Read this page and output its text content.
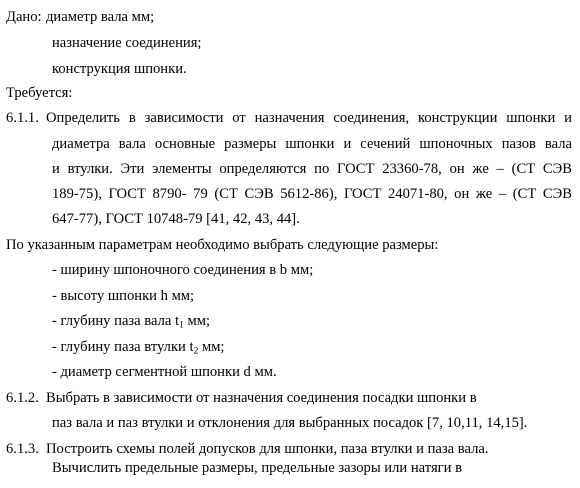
Дано: диаметр вала мм;
назначение соединения;
конструкция шпонки.
Требуется:
6.1.1. Определить в зависимости от назначения соединения, конструкции шпонки и
диаметра вала основные размеры шпонки и сечений шпоночных пазов вала
и втулки. Эти элементы определяются по ГОСТ 23360-78, он же – (СТ СЭВ
189-75), ГОСТ 8790- 79 (СТ СЭВ 5612-86), ГОСТ 24071-80, он же – (СТ СЭВ
647-77), ГОСТ 10748-79 [41, 42, 43, 44].
По указанным параметрам необходимо выбрать следующие размеры:
- ширину шпоночного соединения в b мм;
- высоту шпонки h мм;
- глубину паза вала $t_1$ мм;
- глубину паза втулки $t_2$ мм;
- диаметр сегментной шпонки d мм.
6.1.2. Выбрать в зависимости от назначения соединения посадки шпонки в
паз вала и паз втулки и отклонения для выбранных посадок [7, 10,11, 14,15].
6.1.3. Построить схемы полей допусков для шпонки, паза втулки и паза вала.
Вычислить предельные размеры, предельные зазоры или натяги в
